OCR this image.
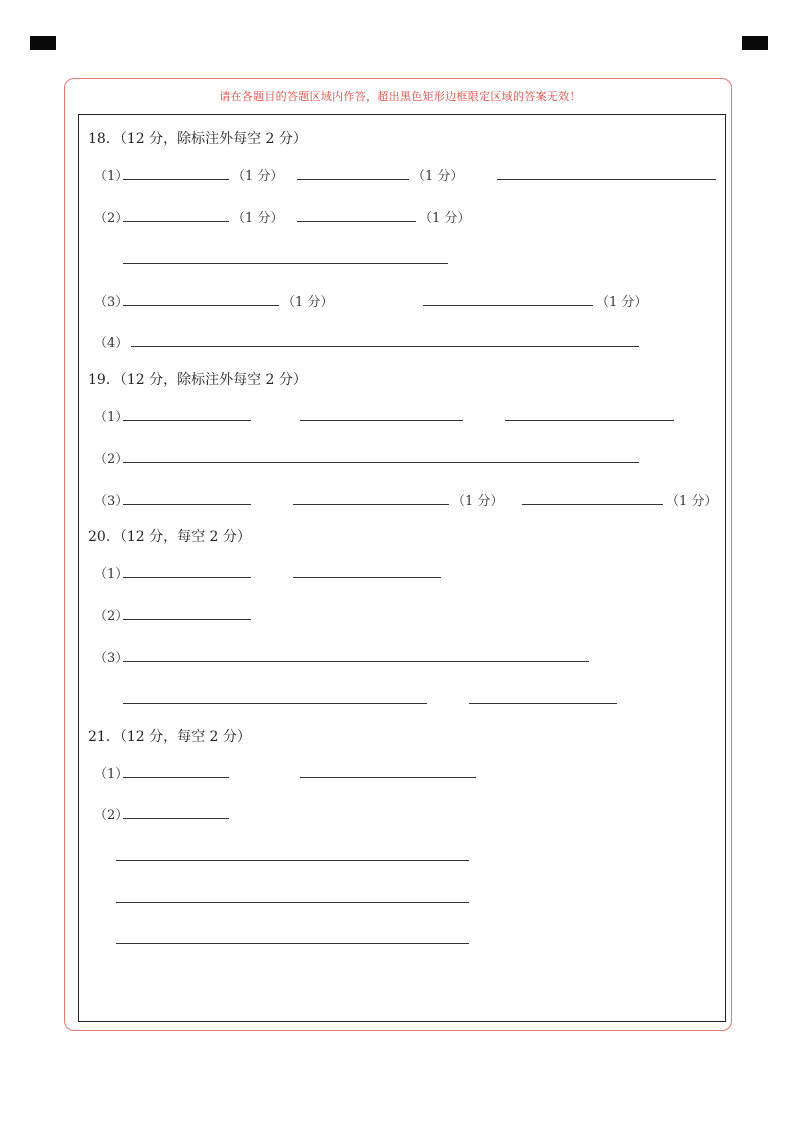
请在各题目的答题区域内作答，超出黑色矩形边框限定区域的答案无效！
18．（12 分，除标注外每空 2 分）
（1）	（1 分）	（1 分）
（2）	（1 分）	（1 分）
（3）	（1 分）	（1 分）
（4）
19．（12 分，除标注外每空 2 分）
（1）
（2）
（3）	（1 分）	（1 分）
20．（12 分，每空 2 分）
（1）
（2）
（3）
21．（12 分，每空 2 分）
（1）
（2）
